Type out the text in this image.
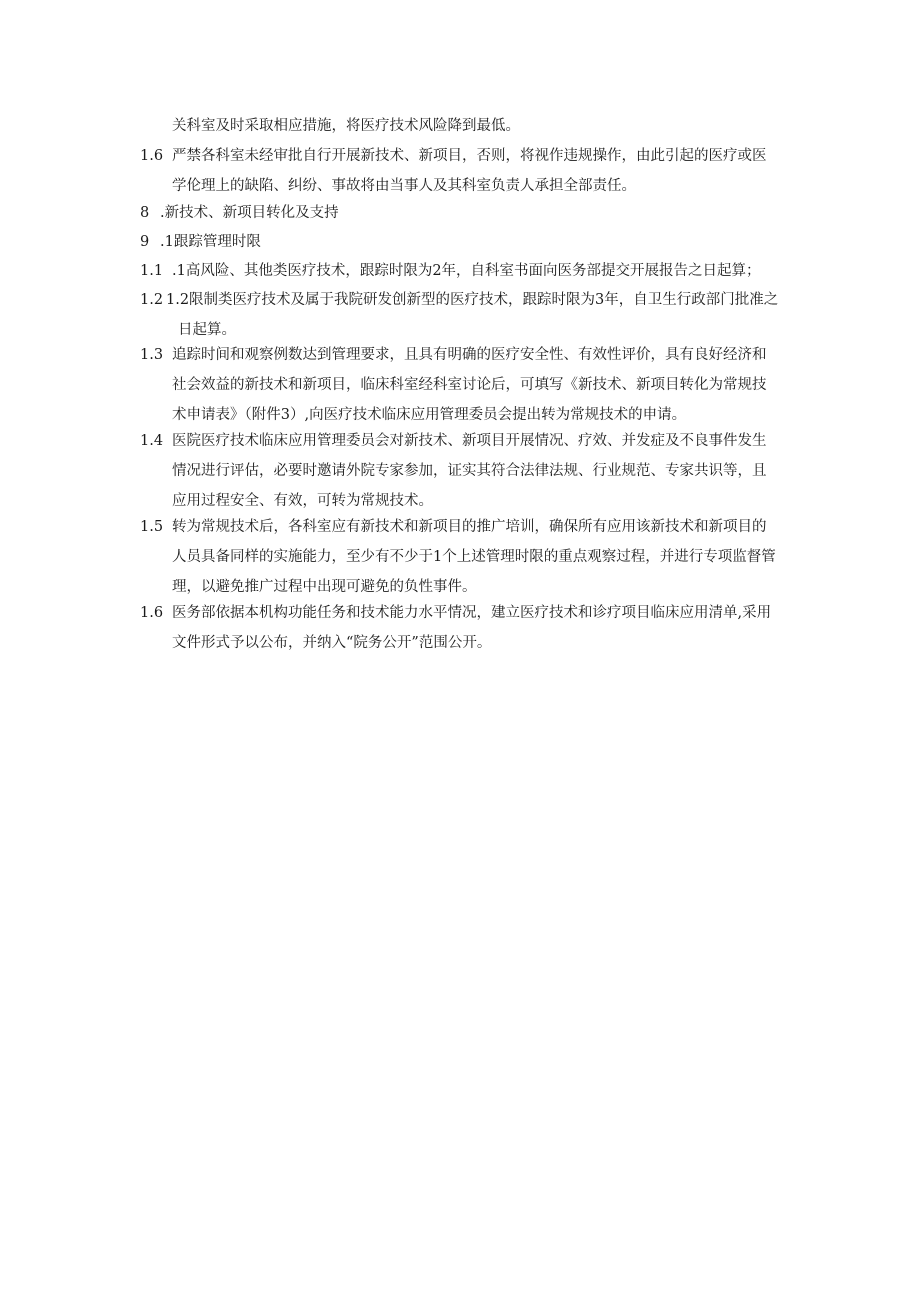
关科室及时采取相应措施，将医疗技术风险降到最低。
1.6 严禁各科室未经审批自行开展新技术、新项目，否则，将视作违规操作，由此引起的医疗或医
学伦理上的缺陷、纠纷、事故将由当事人及其科室负责人承担全部责任。
8 .新技术、新项目转化及支持
9 .1跟踪管理时限
1.1 .1高风险、其他类医疗技术，跟踪时限为2年，自科室书面向医务部提交开展报告之日起算；
1.2 1.2限制类医疗技术及属于我院研发创新型的医疗技术，跟踪时限为3年，自卫生行政部门批准之
日起算。
1.3 追踪时间和观察例数达到管理要求，且具有明确的医疗安全性、有效性评价，具有良好经济和
社会效益的新技术和新项目，临床科室经科室讨论后，可填写《新技术、新项目转化为常规技
术申请表》（附件3）,向医疗技术临床应用管理委员会提出转为常规技术的申请。
1.4 医院医疗技术临床应用管理委员会对新技术、新项目开展情况、疗效、并发症及不良事件发生
情况进行评估，必要时邀请外院专家参加，证实其符合法律法规、行业规范、专家共识等，且
应用过程安全、有效，可转为常规技术。
1.5 转为常规技术后，各科室应有新技术和新项目的推广培训，确保所有应用该新技术和新项目的
人员具备同样的实施能力，至少有不少于1个上述管理时限的重点观察过程，并进行专项监督管
理，以避免推广过程中出现可避免的负性事件。
1.6 医务部依据本机构功能任务和技术能力水平情况，建立医疗技术和诊疗项目临床应用清单,采用
文件形式予以公布，并纳入“院务公开”范围公开。
